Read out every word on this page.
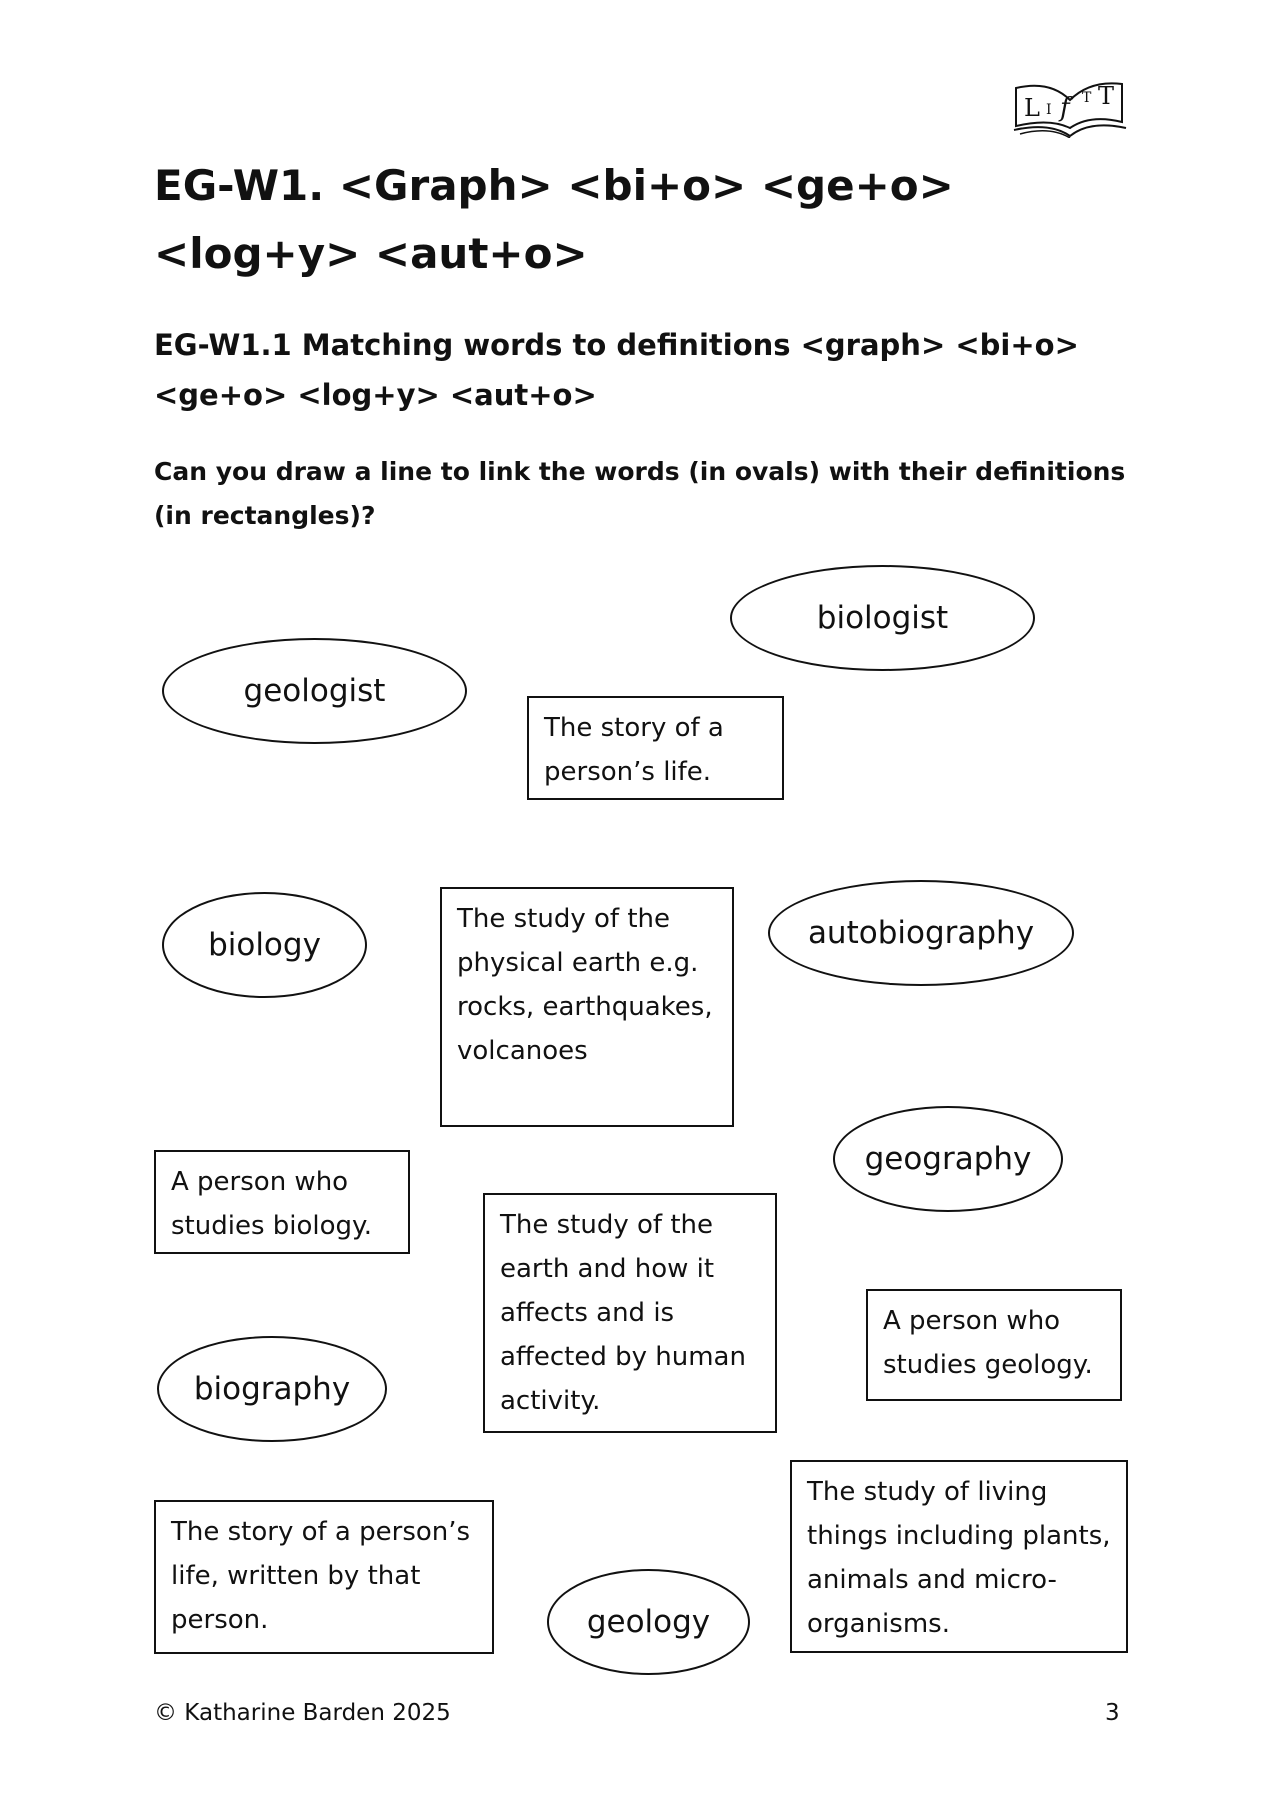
L I f T T
EG-W1. <Graph> <bi+o> <ge+o> <log+y> <aut+o>
EG-W1.1 Matching words to definitions <graph> <bi+o> <ge+o> <log+y> <aut+o>

Can you draw a line to link the words (in ovals) with their definitions (in rectangles)?

biologist
geologist
biology	autobiography
geography
biography
geology
The story of a person’s life.
The study of the physical earth e.g. rocks, earthquakes, volcanoes
A person who studies biology.	The study of the earth and how it affects and is affected by human activity.
A person who studies geology.
The story of a person’s life, written by that person.
The study of living things including plants, animals and micro-organisms.
© Katharine Barden 2025	3
